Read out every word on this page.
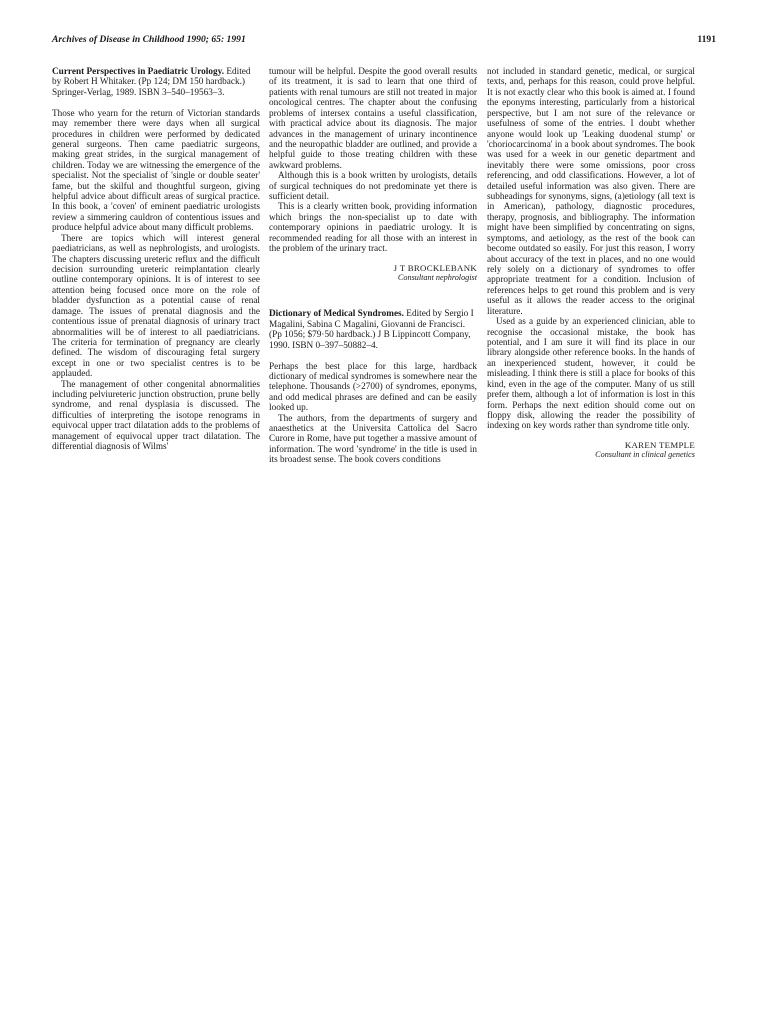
Archives of Disease in Childhood 1990; 65: 1991	1191

Current Perspectives in Paediatric Urology. Edited by Robert H Whitaker. (Pp 124; DM 150 hardback.) Springer-Verlag, 1989. ISBN 3–540–19563–3.

Those who yearn for the return of Victorian standards may remember there were days when all surgical procedures in children were performed by dedicated general surgeons. Then came paediatric surgeons, making great strides, in the surgical management of children. Today we are witnessing the emergence of the specialist. Not the specialist of 'single or double seater' fame, but the skilful and thoughtful surgeon, giving helpful advice about difficult areas of surgical practice. In this book, a 'coven' of eminent paediatric urologists review a simmering cauldron of contentious issues and produce helpful advice about many difficult problems.

There are topics which will interest general paediatricians, as well as nephrologists, and urologists. The chapters discussing ureteric reflux and the difficult decision surrounding ureteric reimplantation clearly outline contemporary opinions. It is of interest to see attention being focused once more on the role of bladder dysfunction as a potential cause of renal damage. The issues of prenatal diagnosis and the contentious issue of prenatal diagnosis of urinary tract abnormalities will be of interest to all paediatricians. The criteria for termination of pregnancy are clearly defined. The wisdom of discouraging fetal surgery except in one or two specialist centres is to be applauded.

The management of other congenital abnormalities including pelviureteric junction obstruction, prune belly syndrome, and renal dysplasia is discussed. The difficulties of interpreting the isotope renograms in equivocal upper tract dilatation adds to the problems of management of equivocal upper tract dilatation. The differential diagnosis of Wilms'

tumour will be helpful. Despite the good overall results of its treatment, it is sad to learn that one third of patients with renal tumours are still not treated in major oncological centres. The chapter about the confusing problems of intersex contains a useful classification, with practical advice about its diagnosis. The major advances in the management of urinary incontinence and the neuropathic bladder are outlined, and provide a helpful guide to those treating children with these awkward problems.

Although this is a book written by urologists, details of surgical techniques do not predominate yet there is sufficient detail.

This is a clearly written book, providing information which brings the non-specialist up to date with contemporary opinions in paediatric urology. It is recommended reading for all those with an interest in the problem of the urinary tract.

J T BROCKLEBANK
Consultant nephrologist

Dictionary of Medical Syndromes. Edited by Sergio I Magalini, Sabina C Magalini, Giovanni de Francisci. (Pp 1056; $79·50 hardback.) J B Lippincott Company, 1990. ISBN 0–397–50882–4.

Perhaps the best place for this large, hardback dictionary of medical syndromes is somewhere near the telephone. Thousands (>2700) of syndromes, eponyms, and odd medical phrases are defined and can be easily looked up.

The authors, from the departments of surgery and anaesthetics at the Universita Cattolica del Sacro Curore in Rome, have put together a massive amount of information. The word 'syndrome' in the title is used in its broadest sense. The book covers conditions

not included in standard genetic, medical, or surgical texts, and, perhaps for this reason, could prove helpful. It is not exactly clear who this book is aimed at. I found the eponyms interesting, particularly from a historical perspective, but I am not sure of the relevance or usefulness of some of the entries. I doubt whether anyone would look up 'Leaking duodenal stump' or 'choriocarcinoma' in a book about syndromes. The book was used for a week in our genetic department and inevitably there were some omissions, poor cross referencing, and odd classifications. However, a lot of detailed useful information was also given. There are subheadings for synonyms, signs, (a)etiology (all text is in American), pathology, diagnostic procedures, therapy, prognosis, and bibliography. The information might have been simplified by concentrating on signs, symptoms, and aetiology, as the rest of the book can become outdated so easily. For just this reason, I worry about accuracy of the text in places, and no one would rely solely on a dictionary of syndromes to offer appropriate treatment for a condition. Inclusion of references helps to get round this problem and is very useful as it allows the reader access to the original literature.

Used as a guide by an experienced clinician, able to recognise the occasional mistake, the book has potential, and I am sure it will find its place in our library alongside other reference books. In the hands of an inexperienced student, however, it could be misleading. I think there is still a place for books of this kind, even in the age of the computer. Many of us still prefer them, although a lot of information is lost in this form. Perhaps the next edition should come out on floppy disk, allowing the reader the possibility of indexing on key words rather than syndrome title only.

KAREN TEMPLE
Consultant in clinical genetics
